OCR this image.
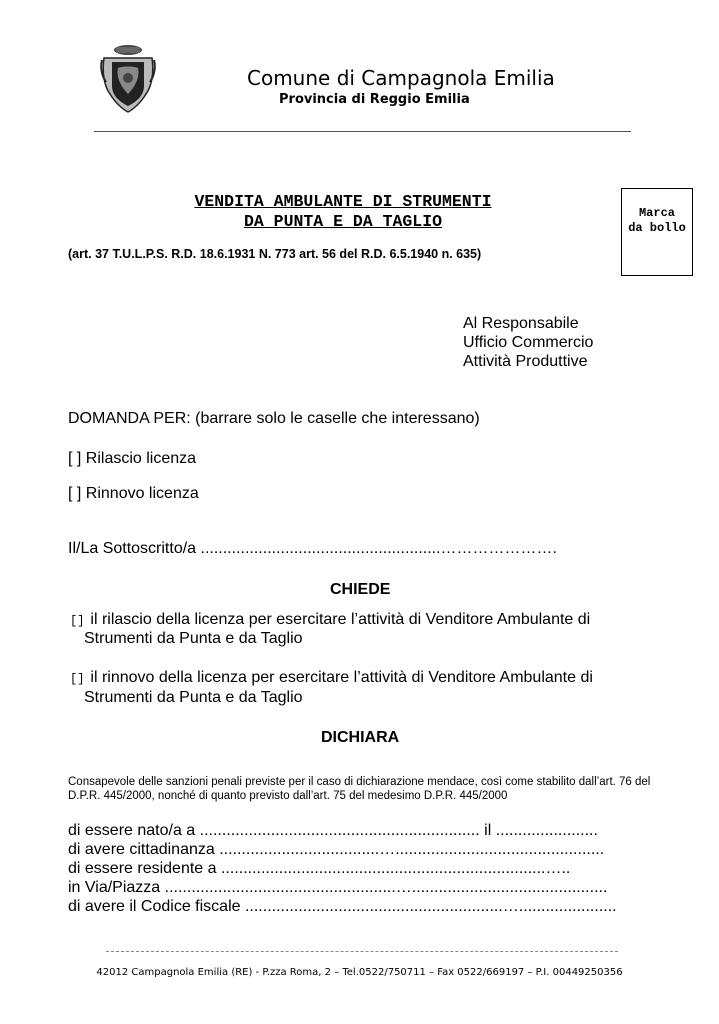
Comune di Campagnola Emilia
Provincia di Reggio Emilia
VENDITA AMBULANTE DI STRUMENTI
DA PUNTA E DA TAGLIO
(art. 37 T.U.L.P.S. R.D. 18.6.1931 N. 773 art. 56 del R.D. 6.5.1940 n. 635)
Marca
da bollo
Al Responsabile
Ufficio Commercio
Attività Produttive
DOMANDA PER: (barrare solo le caselle che interessano)
[ ] Rilascio licenza
[ ] Rinnovo licenza
Il/La Sottoscritto/a ......................................................………………….
CHIEDE
[] il rilascio della licenza per esercitare l’attività di Venditore Ambulante di
Strumenti da Punta e da Taglio
[] il rinnovo della licenza per esercitare l’attività di Venditore Ambulante di
Strumenti da Punta e da Taglio
DICHIARA
Consapevole delle sanzioni penali previste per il caso di dichiarazione mendace, così come stabilito dall’art. 76 del D.P.R. 445/2000, nonché di quanto previsto dall’art. 75 del medesimo D.P.R. 445/2000
di essere nato/a a ............................................................... il .......................
di avere cittadinanza ....................................…...............................................
di essere residente a .........................................................................…..
in Via/Piazza ....................................................…............................................
di avere il Codice fiscale ..........................................................…......................
42012 Campagnola Emilia (RE) - P.zza Roma, 2 – Tel.0522/750711 – Fax 0522/669197 – P.I. 00449250356
